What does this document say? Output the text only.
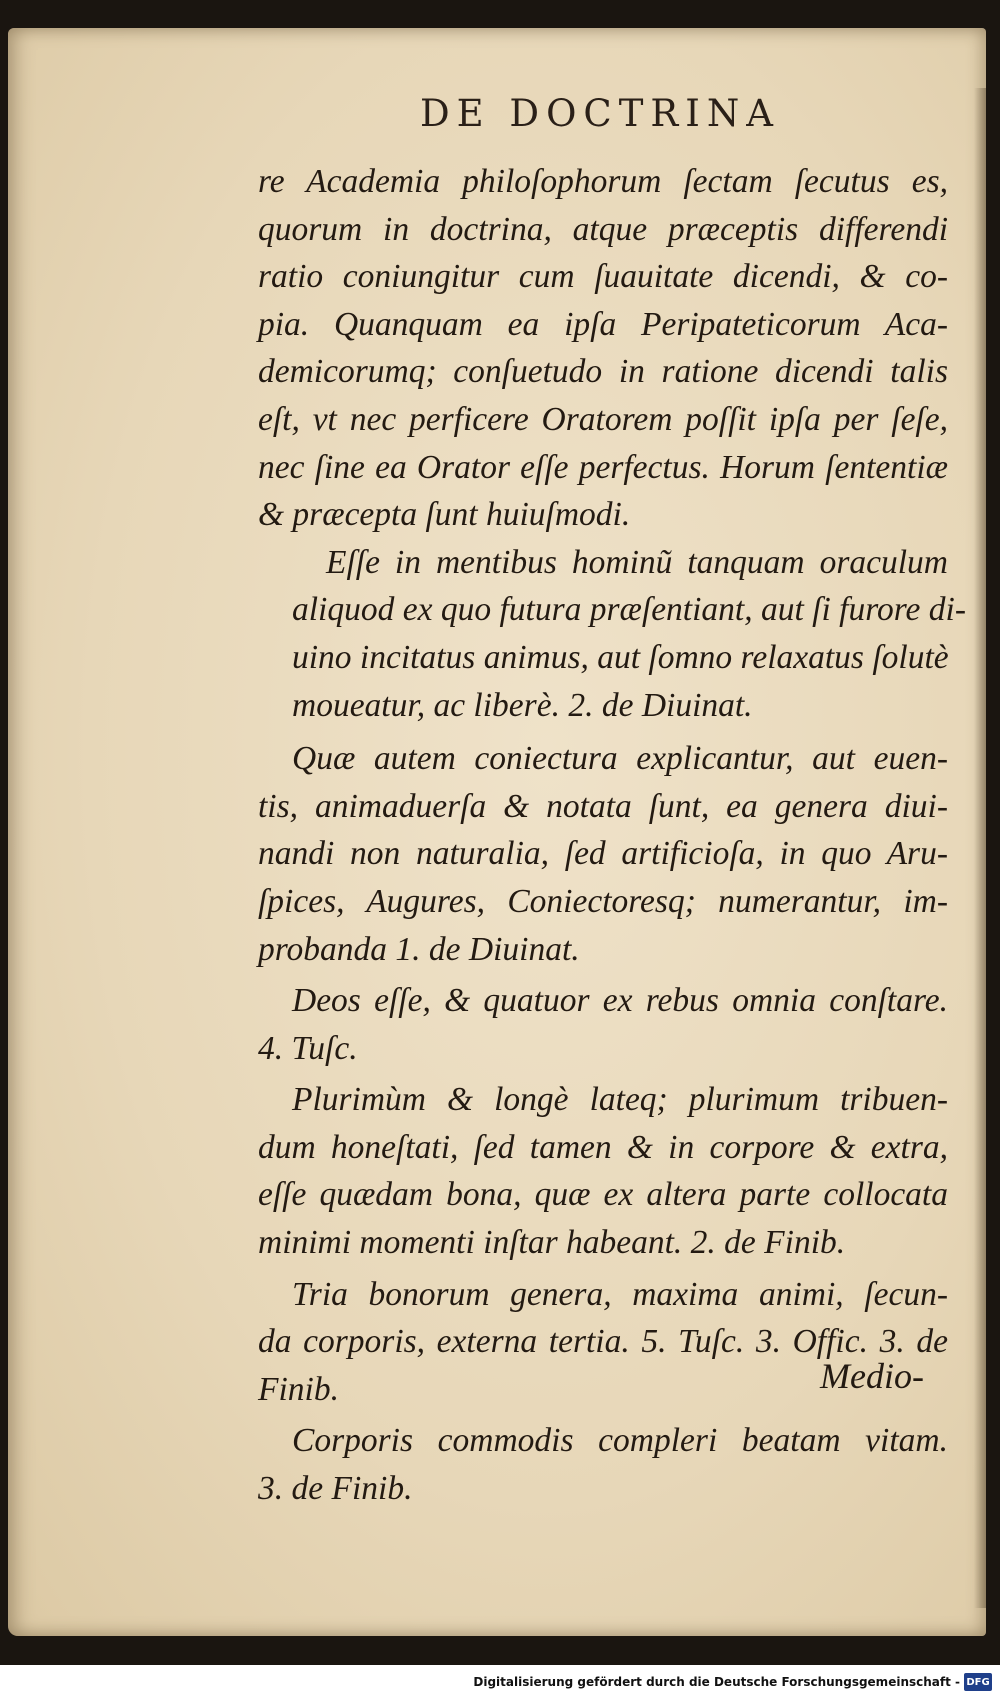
DE DOCTRINA
re Academia philoſophorum ſectam ſecutus es,
quorum in doctrina, atque præceptis differendi
ratio coniungitur cum ſuauitate dicendi, & co-
pia. Quanquam ea ipſa Peripateticorum Aca-
demicorumq; conſuetudo in ratione dicendi talis
eſt, vt nec perficere Oratorem poſſit ipſa per ſeſe,
nec ſine ea Orator eſſe perfectus. Horum ſententiæ
& præcepta ſunt huiuſmodi.
Eſſe in mentibus hominũ tanquam oraculum
aliquod ex quo futura præſentiant, aut ſi furore di-
uino incitatus animus, aut ſomno relaxatus ſolutè
moueatur, ac liberè. 2. de Diuinat.
Quæ autem coniectura explicantur, aut euen-
tis, animaduerſa & notata ſunt, ea genera diui-
nandi non naturalia, ſed artificioſa, in quo Aru-
ſpices, Augures, Coniectoresq; numerantur, im-
probanda 1. de Diuinat.
Deos eſſe, & quatuor ex rebus omnia conſtare.
4. Tuſc.
Plurimùm & longè lateq; plurimum tribuen-
dum honeſtati, ſed tamen & in corpore & extra,
eſſe quædam bona, quæ ex altera parte collocata
minimi momenti inſtar habeant. 2. de Finib.
Tria bonorum genera, maxima animi, ſecun-
da corporis, externa tertia. 5. Tuſc. 3. Offic. 3. de
Finib.
Corporis commodis compleri beatam vitam.
3. de Finib.
Medio-
Digitalisierung gefördert durch die Deutsche Forschungsgemeinschaft - DFG
